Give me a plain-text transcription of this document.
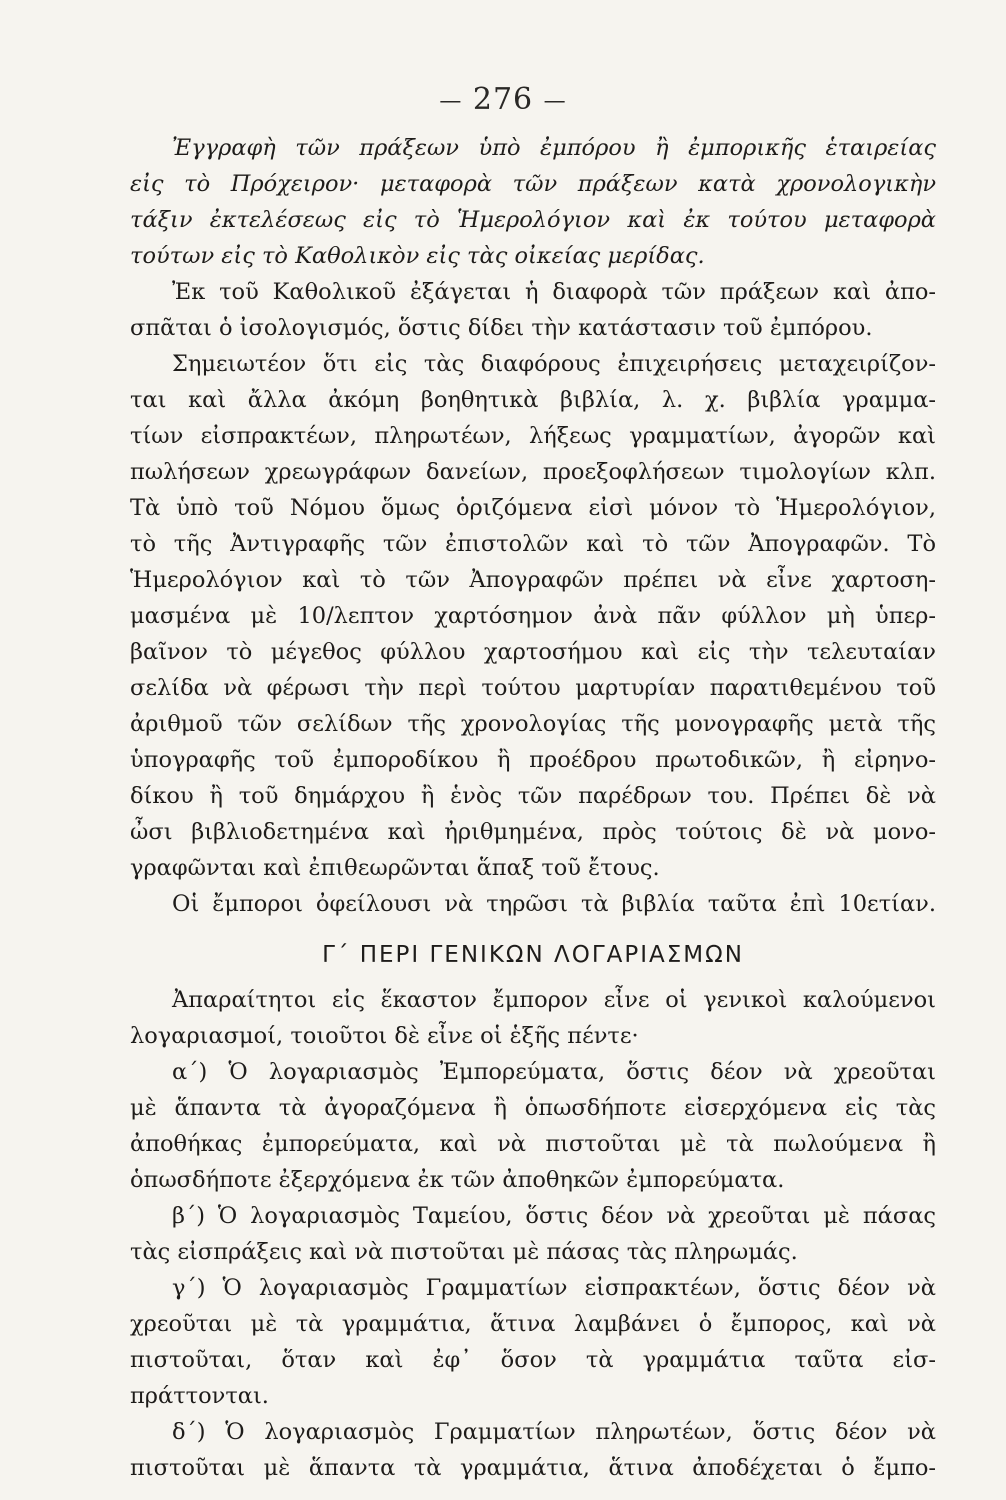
— 276 —
Ἐγγραφὴ τῶν πράξεων ὑπὸ ἐμπόρου ἢ ἐμπορικῆς ἑταιρείας
εἰς τὸ Πρόχειρον· μεταφορὰ τῶν πράξεων κατὰ χρονολογικὴν
τάξιν ἐκτελέσεως εἰς τὸ Ἡμερολόγιον καὶ ἐκ τούτου μεταφορὰ
τούτων εἰς τὸ Καθολικὸν εἰς τὰς οἰκείας μερίδας.
Ἐκ τοῦ Καθολικοῦ ἐξάγεται ἡ διαφορὰ τῶν πράξεων καὶ ἀπο-
σπᾶται ὁ ἰσολογισμός, ὅστις δίδει τὴν κατάστασιν τοῦ ἐμπόρου.
Σημειωτέον ὅτι εἰς τὰς διαφόρους ἐπιχειρήσεις μεταχειρίζον-
ται καὶ ἄλλα ἀκόμη βοηθητικὰ βιβλία, λ. χ. βιβλία γραμμα-
τίων εἰσπρακτέων, πληρωτέων, λήξεως γραμματίων, ἀγορῶν καὶ
πωλήσεων χρεωγράφων δανείων, προεξοφλήσεων τιμολογίων κλπ.
Τὰ ὑπὸ τοῦ Νόμου ὅμως ὁριζόμενα εἰσὶ μόνον τὸ Ἡμερολόγιον,
τὸ τῆς Ἀντιγραφῆς τῶν ἐπιστολῶν καὶ τὸ τῶν Ἀπογραφῶν. Τὸ
Ἡμερολόγιον καὶ τὸ τῶν Ἀπογραφῶν πρέπει νὰ εἶνε χαρτοση-
μασμένα μὲ 10/λεπτον χαρτόσημον ἀνὰ πᾶν φύλλον μὴ ὑπερ-
βαῖνον τὸ μέγεθος φύλλου χαρτοσήμου καὶ εἰς τὴν τελευταίαν
σελίδα νὰ φέρωσι τὴν περὶ τούτου μαρτυρίαν παρατιθεμένου τοῦ
ἀριθμοῦ τῶν σελίδων τῆς χρονολογίας τῆς μονογραφῆς μετὰ τῆς
ὑπογραφῆς τοῦ ἐμποροδίκου ἢ προέδρου πρωτοδικῶν, ἢ εἰρηνο-
δίκου ἢ τοῦ δημάρχου ἢ ἑνὸς τῶν παρέδρων του. Πρέπει δὲ νὰ
ὦσι βιβλιοδετημένα καὶ ἠριθμημένα, πρὸς τούτοις δὲ νὰ μονο-
γραφῶνται καὶ ἐπιθεωρῶνται ἅπαξ τοῦ ἔτους.
Οἱ ἔμποροι ὀφείλουσι νὰ τηρῶσι τὰ βιβλία ταῦτα ἐπὶ 10ετίαν.
Γ΄ ΠΕΡΙ ΓΕΝΙΚΩΝ ΛΟΓΑΡΙΑΣΜΩΝ
Ἀπαραίτητοι εἰς ἕκαστον ἔμπορον εἶνε οἱ γενικοὶ καλούμενοι
λογαριασμοί, τοιοῦτοι δὲ εἶνε οἱ ἑξῆς πέντε·
α΄) Ὁ λογαριασμὸς Ἐμπορεύματα, ὅστις δέον νὰ χρεοῦται
μὲ ἅπαντα τὰ ἀγοραζόμενα ἢ ὁπωσδήποτε εἰσερχόμενα εἰς τὰς
ἀποθήκας ἐμπορεύματα, καὶ νὰ πιστοῦται μὲ τὰ πωλούμενα ἢ
ὁπωσδήποτε ἐξερχόμενα ἐκ τῶν ἀποθηκῶν ἐμπορεύματα.
β΄) Ὁ λογαριασμὸς Ταμείου, ὅστις δέον νὰ χρεοῦται μὲ πάσας
τὰς εἰσπράξεις καὶ νὰ πιστοῦται μὲ πάσας τὰς πληρωμάς.
γ΄) Ὁ λογαριασμὸς Γραμματίων εἰσπρακτέων, ὅστις δέον νὰ
χρεοῦται μὲ τὰ γραμμάτια, ἅτινα λαμβάνει ὁ ἔμπορος, καὶ νὰ
πιστοῦται, ὅταν καὶ ἐφ᾽ ὅσον τὰ γραμμάτια ταῦτα εἰσ-
πράττονται.
δ΄) Ὁ λογαριασμὸς Γραμματίων πληρωτέων, ὅστις δέον νὰ
πιστοῦται μὲ ἅπαντα τὰ γραμμάτια, ἅτινα ἀποδέχεται ὁ ἔμπο-
